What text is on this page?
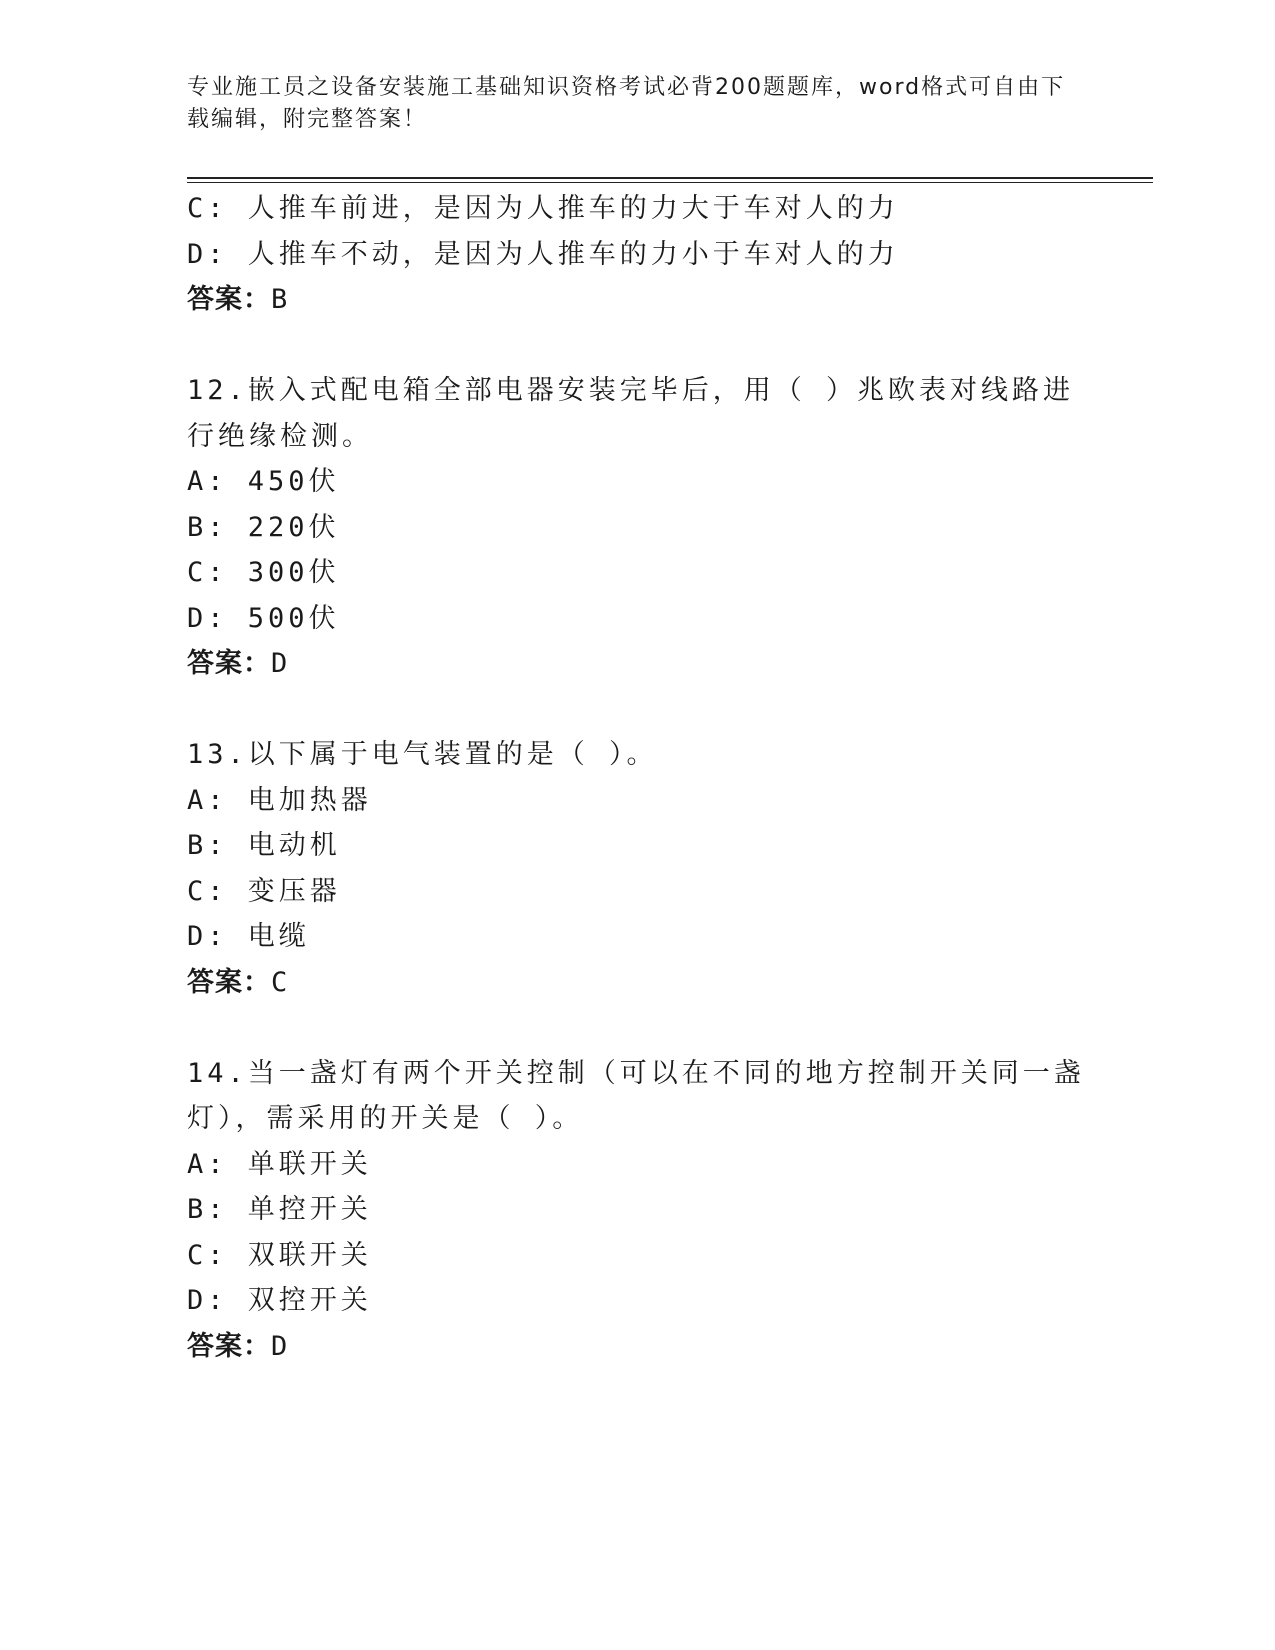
专业施工员之设备安装施工基础知识资格考试必背200题题库，word格式可自由下载编辑，附完整答案！
C: 人推车前进，是因为人推车的力大于车对人的力
D: 人推车不动，是因为人推车的力小于车对人的力
答案：B
12.嵌入式配电箱全部电器安装完毕后，用（ ）兆欧表对线路进行绝缘检测。
A: 450伏
B: 220伏
C: 300伏
D: 500伏
答案：D
13.以下属于电气装置的是（ ）。
A: 电加热器
B: 电动机
C: 变压器
D: 电缆
答案：C
14.当一盏灯有两个开关控制（可以在不同的地方控制开关同一盏灯），需采用的开关是（ ）。
A: 单联开关
B: 单控开关
C: 双联开关
D: 双控开关
答案：D
